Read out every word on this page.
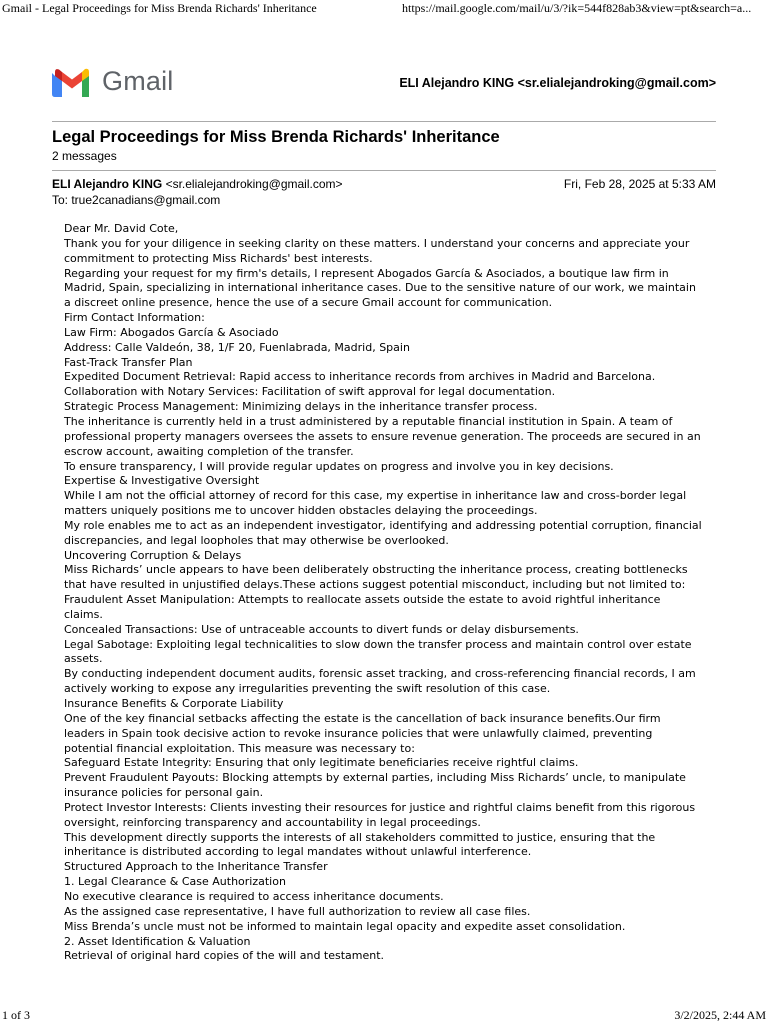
Gmail - Legal Proceedings for Miss Brenda Richards' Inheritance	https://mail.google.com/mail/u/3/?ik=544f828ab3&view=pt&search=a...
Gmail	ELI Alejandro KING <sr.elialejandroking@gmail.com>
Legal Proceedings for Miss Brenda Richards' Inheritance
2 messages
ELI Alejandro KING <sr.elialejandroking@gmail.com>	Fri, Feb 28, 2025 at 5:33 AM
To: true2canadians@gmail.com
Dear Mr. David Cote,
Thank you for your diligence in seeking clarity on these matters. I understand your concerns and appreciate your
commitment to protecting Miss Richards' best interests.
Regarding your request for my firm's details, I represent Abogados García & Asociados, a boutique law firm in
Madrid, Spain, specializing in international inheritance cases. Due to the sensitive nature of our work, we maintain
a discreet online presence, hence the use of a secure Gmail account for communication.
Firm Contact Information:
Law Firm: Abogados García & Asociado
Address: Calle Valdeón, 38, 1/F 20, Fuenlabrada, Madrid, Spain
Fast-Track Transfer Plan
Expedited Document Retrieval: Rapid access to inheritance records from archives in Madrid and Barcelona.
Collaboration with Notary Services: Facilitation of swift approval for legal documentation.
Strategic Process Management: Minimizing delays in the inheritance transfer process.
The inheritance is currently held in a trust administered by a reputable financial institution in Spain. A team of
professional property managers oversees the assets to ensure revenue generation. The proceeds are secured in an
escrow account, awaiting completion of the transfer.
To ensure transparency, I will provide regular updates on progress and involve you in key decisions.
Expertise & Investigative Oversight
While I am not the official attorney of record for this case, my expertise in inheritance law and cross-border legal
matters uniquely positions me to uncover hidden obstacles delaying the proceedings.
My role enables me to act as an independent investigator, identifying and addressing potential corruption, financial
discrepancies, and legal loopholes that may otherwise be overlooked.
Uncovering Corruption & Delays
Miss Richards’ uncle appears to have been deliberately obstructing the inheritance process, creating bottlenecks
that have resulted in unjustified delays.These actions suggest potential misconduct, including but not limited to:
Fraudulent Asset Manipulation: Attempts to reallocate assets outside the estate to avoid rightful inheritance
claims.
Concealed Transactions: Use of untraceable accounts to divert funds or delay disbursements.
Legal Sabotage: Exploiting legal technicalities to slow down the transfer process and maintain control over estate
assets.
By conducting independent document audits, forensic asset tracking, and cross-referencing financial records, I am
actively working to expose any irregularities preventing the swift resolution of this case.
Insurance Benefits & Corporate Liability
One of the key financial setbacks affecting the estate is the cancellation of back insurance benefits.Our firm
leaders in Spain took decisive action to revoke insurance policies that were unlawfully claimed, preventing
potential financial exploitation. This measure was necessary to:
Safeguard Estate Integrity: Ensuring that only legitimate beneficiaries receive rightful claims.
Prevent Fraudulent Payouts: Blocking attempts by external parties, including Miss Richards’ uncle, to manipulate
insurance policies for personal gain.
Protect Investor Interests: Clients investing their resources for justice and rightful claims benefit from this rigorous
oversight, reinforcing transparency and accountability in legal proceedings.
This development directly supports the interests of all stakeholders committed to justice, ensuring that the
inheritance is distributed according to legal mandates without unlawful interference.
Structured Approach to the Inheritance Transfer
1. Legal Clearance & Case Authorization
No executive clearance is required to access inheritance documents.
As the assigned case representative, I have full authorization to review all case files.
Miss Brenda’s uncle must not be informed to maintain legal opacity and expedite asset consolidation.
2. Asset Identification & Valuation
Retrieval of original hard copies of the will and testament.
1 of 3	3/2/2025, 2:44 AM
